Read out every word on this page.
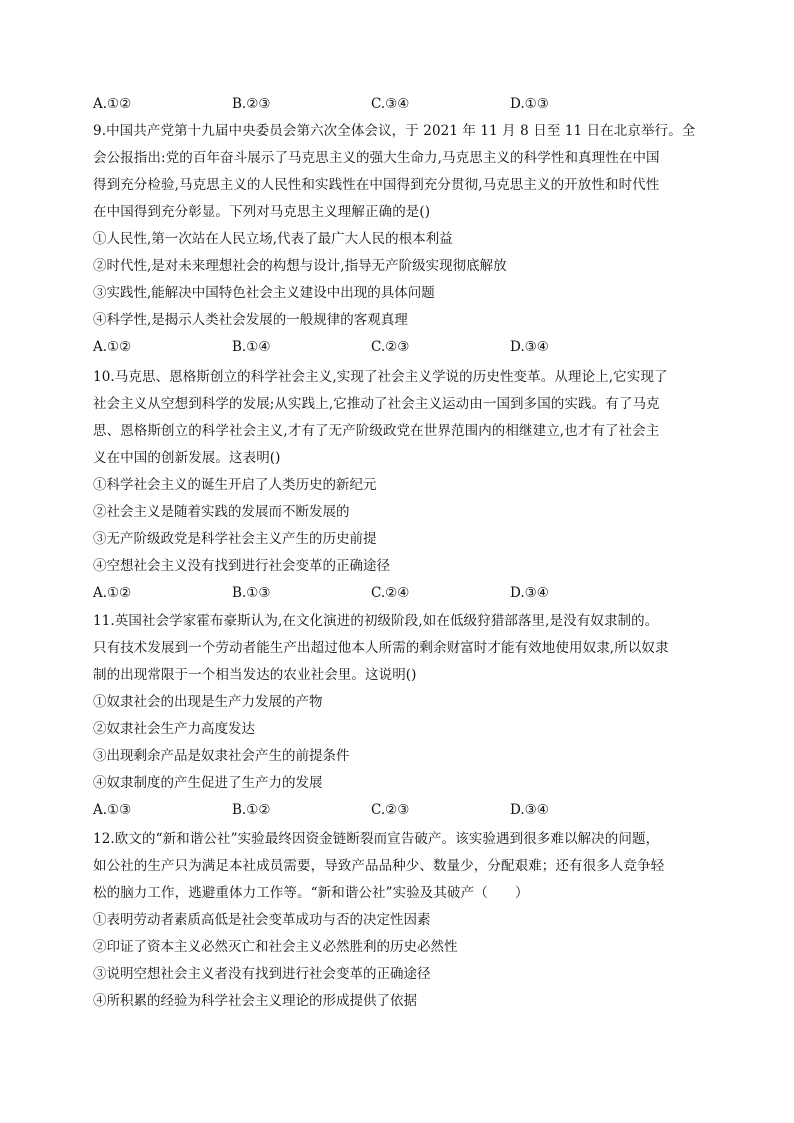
A.①②	B.②③	C.③④	D.①③
9.中国共产党第十九届中央委员会第六次全体会议，于 2021 年 11 月 8 日至 11 日在北京举行。全
会公报指出:党的百年奋斗展示了马克思主义的强大生命力,马克思主义的科学性和真理性在中国
得到充分检验,马克思主义的人民性和实践性在中国得到充分贯彻,马克思主义的开放性和时代性
在中国得到充分彰显。下列对马克思主义理解正确的是()
①人民性,第一次站在人民立场,代表了最广大人民的根本利益
②时代性,是对未来理想社会的构想与设计,指导无产阶级实现彻底解放
③实践性,能解决中国特色社会主义建设中出现的具体问题
④科学性,是揭示人类社会发展的一般规律的客观真理
A.①②	B.①④	C.②③	D.③④
10.马克思、恩格斯创立的科学社会主义,实现了社会主义学说的历史性变革。从理论上,它实现了
社会主义从空想到科学的发展;从实践上,它推动了社会主义运动由一国到多国的实践。有了马克
思、恩格斯创立的科学社会主义,才有了无产阶级政党在世界范围内的相继建立,也才有了社会主
义在中国的创新发展。这表明()
①科学社会主义的诞生开启了人类历史的新纪元
②社会主义是随着实践的发展而不断发展的
③无产阶级政党是科学社会主义产生的历史前提
④空想社会主义没有找到进行社会变革的正确途径
A.①②	B.①③	C.②④	D.③④
11.英国社会学家霍布豪斯认为,在文化演进的初级阶段,如在低级狩猎部落里,是没有奴隶制的。
只有技术发展到一个劳动者能生产出超过他本人所需的剩余财富时才能有效地使用奴隶,所以奴隶
制的出现常限于一个相当发达的农业社会里。这说明()
①奴隶社会的出现是生产力发展的产物
②奴隶社会生产力高度发达
③出现剩余产品是奴隶社会产生的前提条件
④奴隶制度的产生促进了生产力的发展
A.①③	B.①②	C.②③	D.③④
12.欧文的“新和谐公社”实验最终因资金链断裂而宣告破产。该实验遇到很多难以解决的问题，
如公社的生产只为满足本社成员需要，导致产品品种少、数量少，分配艰难；还有很多人竞争轻
松的脑力工作，逃避重体力工作等。“新和谐公社”实验及其破产（　　）
①表明劳动者素质高低是社会变革成功与否的决定性因素
②印证了资本主义必然灭亡和社会主义必然胜利的历史必然性
③说明空想社会主义者没有找到进行社会变革的正确途径
④所积累的经验为科学社会主义理论的形成提供了依据
